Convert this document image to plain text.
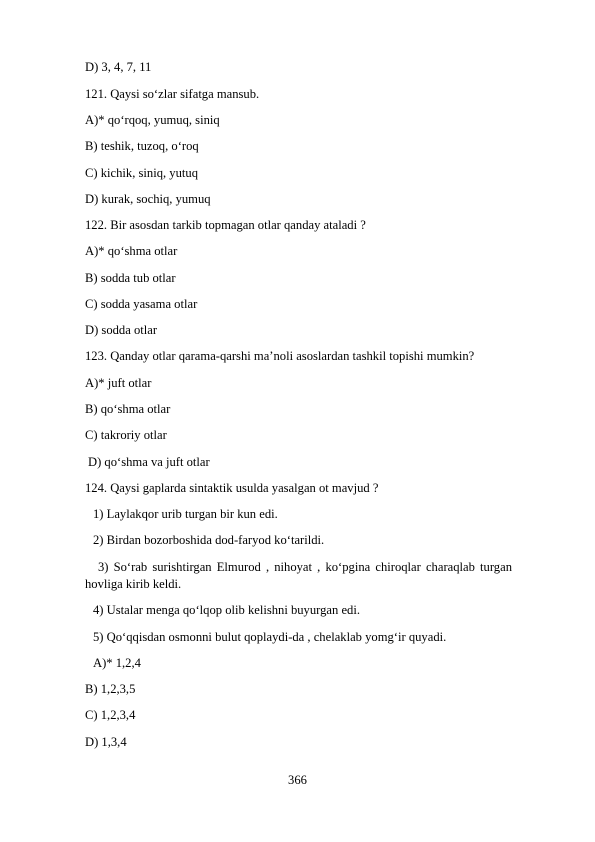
D) 3, 4, 7, 11
121. Qaysi so‘zlar sifatga mansub.
A)* qo‘rqoq, yumuq, siniq
B) teshik, tuzoq, o‘roq
C) kichik, siniq, yutuq
D) kurak, sochiq, yumuq
122. Bir asosdan tarkib topmagan otlar qanday ataladi ?
A)* qo‘shma otlar
B) sodda tub otlar
C) sodda yasama otlar
D) sodda otlar
123. Qanday otlar qarama-qarshi ma’noli asoslardan tashkil topishi mumkin?
A)* juft otlar
B) qo‘shma otlar
C) takroriy otlar
D) qo‘shma va juft otlar
124. Qaysi gaplarda sintaktik usulda yasalgan ot mavjud ?
1) Laylakqor urib turgan bir kun edi.
2) Birdan bozorboshida dod-faryod ko‘tarildi.
3) So‘rab surishtirgan Elmurod , nihoyat , ko‘pgina chiroqlar charaqlab turgan hovliga kirib keldi.
4) Ustalar menga qo‘lqop olib kelishni buyurgan edi.
5) Qo‘qqisdan osmonni bulut qoplaydi-da , chelaklab yomg‘ir quyadi.
A)* 1,2,4
B) 1,2,3,5
C) 1,2,3,4
D) 1,3,4
366
